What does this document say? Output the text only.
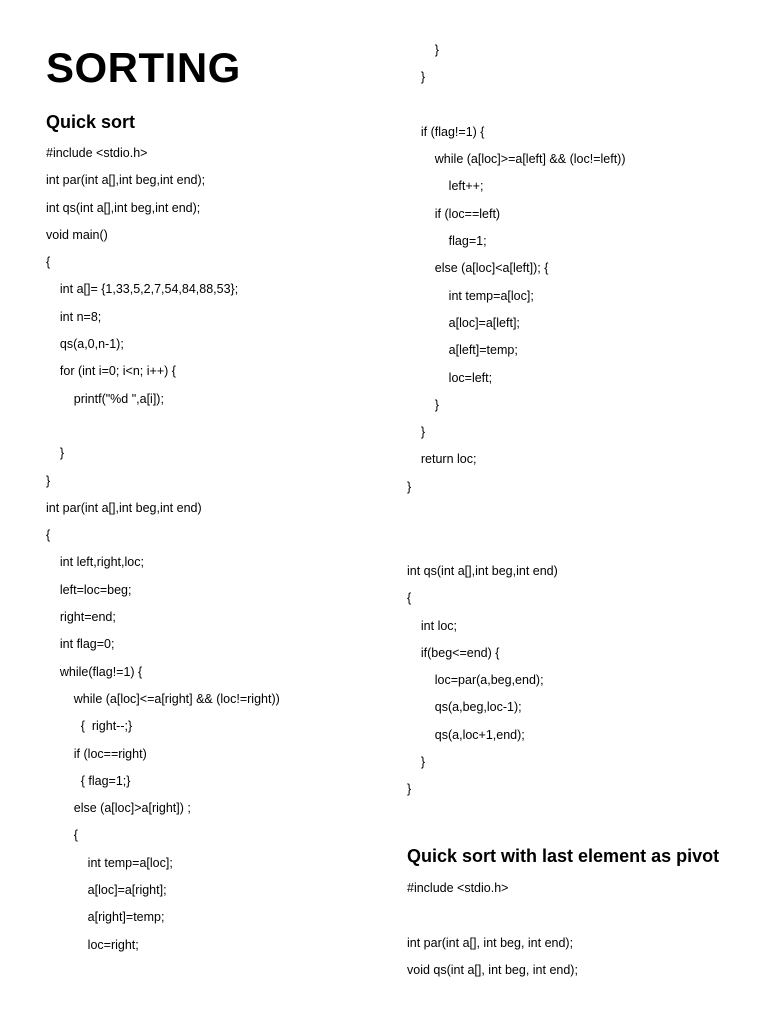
SORTING
Quick sort
#include <stdio.h>
int par(int a[],int beg,int end);
int qs(int a[],int beg,int end);
void main()
{
int a[]= {1,33,5,2,7,54,84,88,53};
int n=8;
qs(a,0,n-1);
for (int i=0; i<n; i++) {
printf("%d ",a[i]);
}
}
int par(int a[],int beg,int end)
{
int left,right,loc;
left=loc=beg;
right=end;
int flag=0;
while(flag!=1) {
while (a[loc]<=a[right] && (loc!=right))
{  right--;}
if (loc==right)
{ flag=1;}
else (a[loc]>a[right]) ;
{
int temp=a[loc];
a[loc]=a[right];
a[right]=temp;
loc=right;
}
}
if (flag!=1) {
while (a[loc]>=a[left] && (loc!=left))
left++;
if (loc==left)
flag=1;
else (a[loc]<a[left]); {
int temp=a[loc];
a[loc]=a[left];
a[left]=temp;
loc=left;
}
}
return loc;
}
int qs(int a[],int beg,int end)
{
int loc;
if(beg<=end) {
loc=par(a,beg,end);
qs(a,beg,loc-1);
qs(a,loc+1,end);
}
}
Quick sort with last element as pivot
#include <stdio.h>
int par(int a[], int beg, int end);
void qs(int a[], int beg, int end);
